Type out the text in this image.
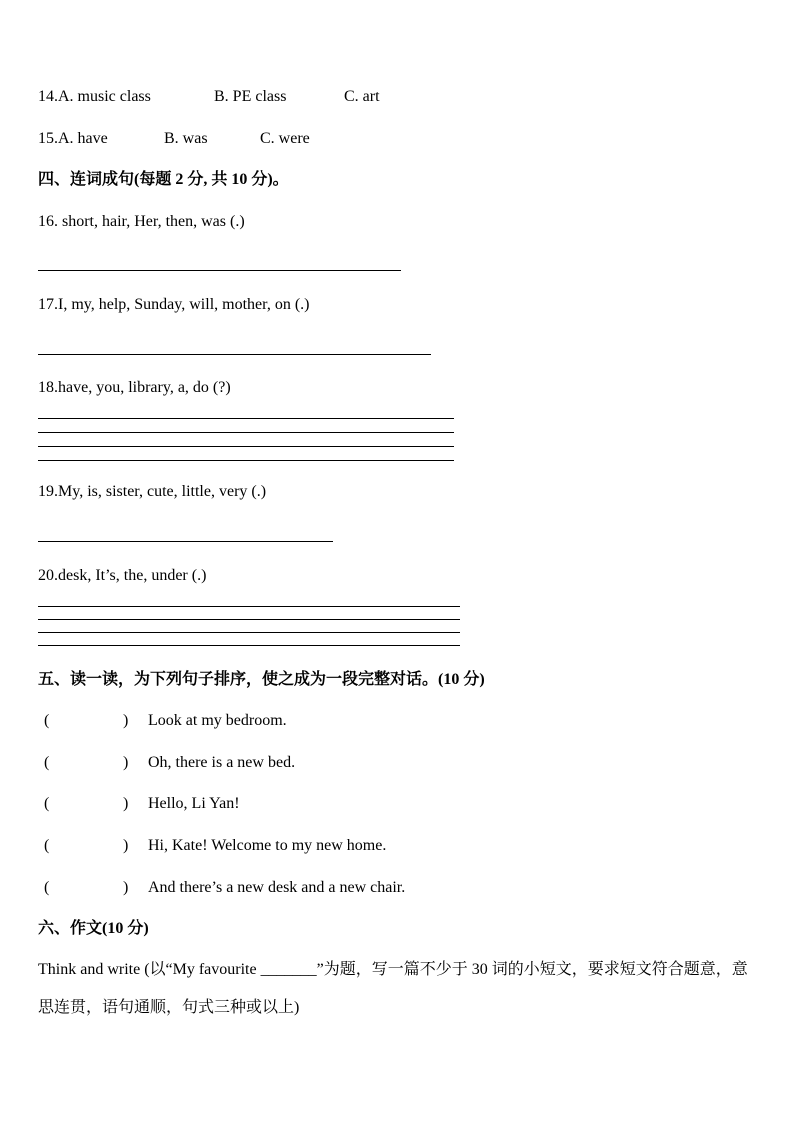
14.A. music class	B. PE class	C. art
15.A. have	B. was	C. were
四、连词成句(每题 2 分, 共 10 分)。
16. short, hair, Her, then, was (.)
17.I, my, help, Sunday, will, mother, on (.)
18.have, you, library, a, do (?)
19.My, is, sister, cute, little, very (.)
20.desk, It’s, the, under (.)
五、读一读，为下列句子排序，使之成为一段完整对话。(10 分)
(	) Look at my bedroom.
(	) Oh, there is a new bed.
(	) Hello, Li Yan!
(	) Hi, Kate! Welcome to my new home.
(	) And there’s a new desk and a new chair.
六、作文(10 分)
Think and write (以“My favourite _______”为题，写一篇不少于 30 词的小短文，要求短文符合题意，意思连贯，语句通顺，句式三种或以上)
